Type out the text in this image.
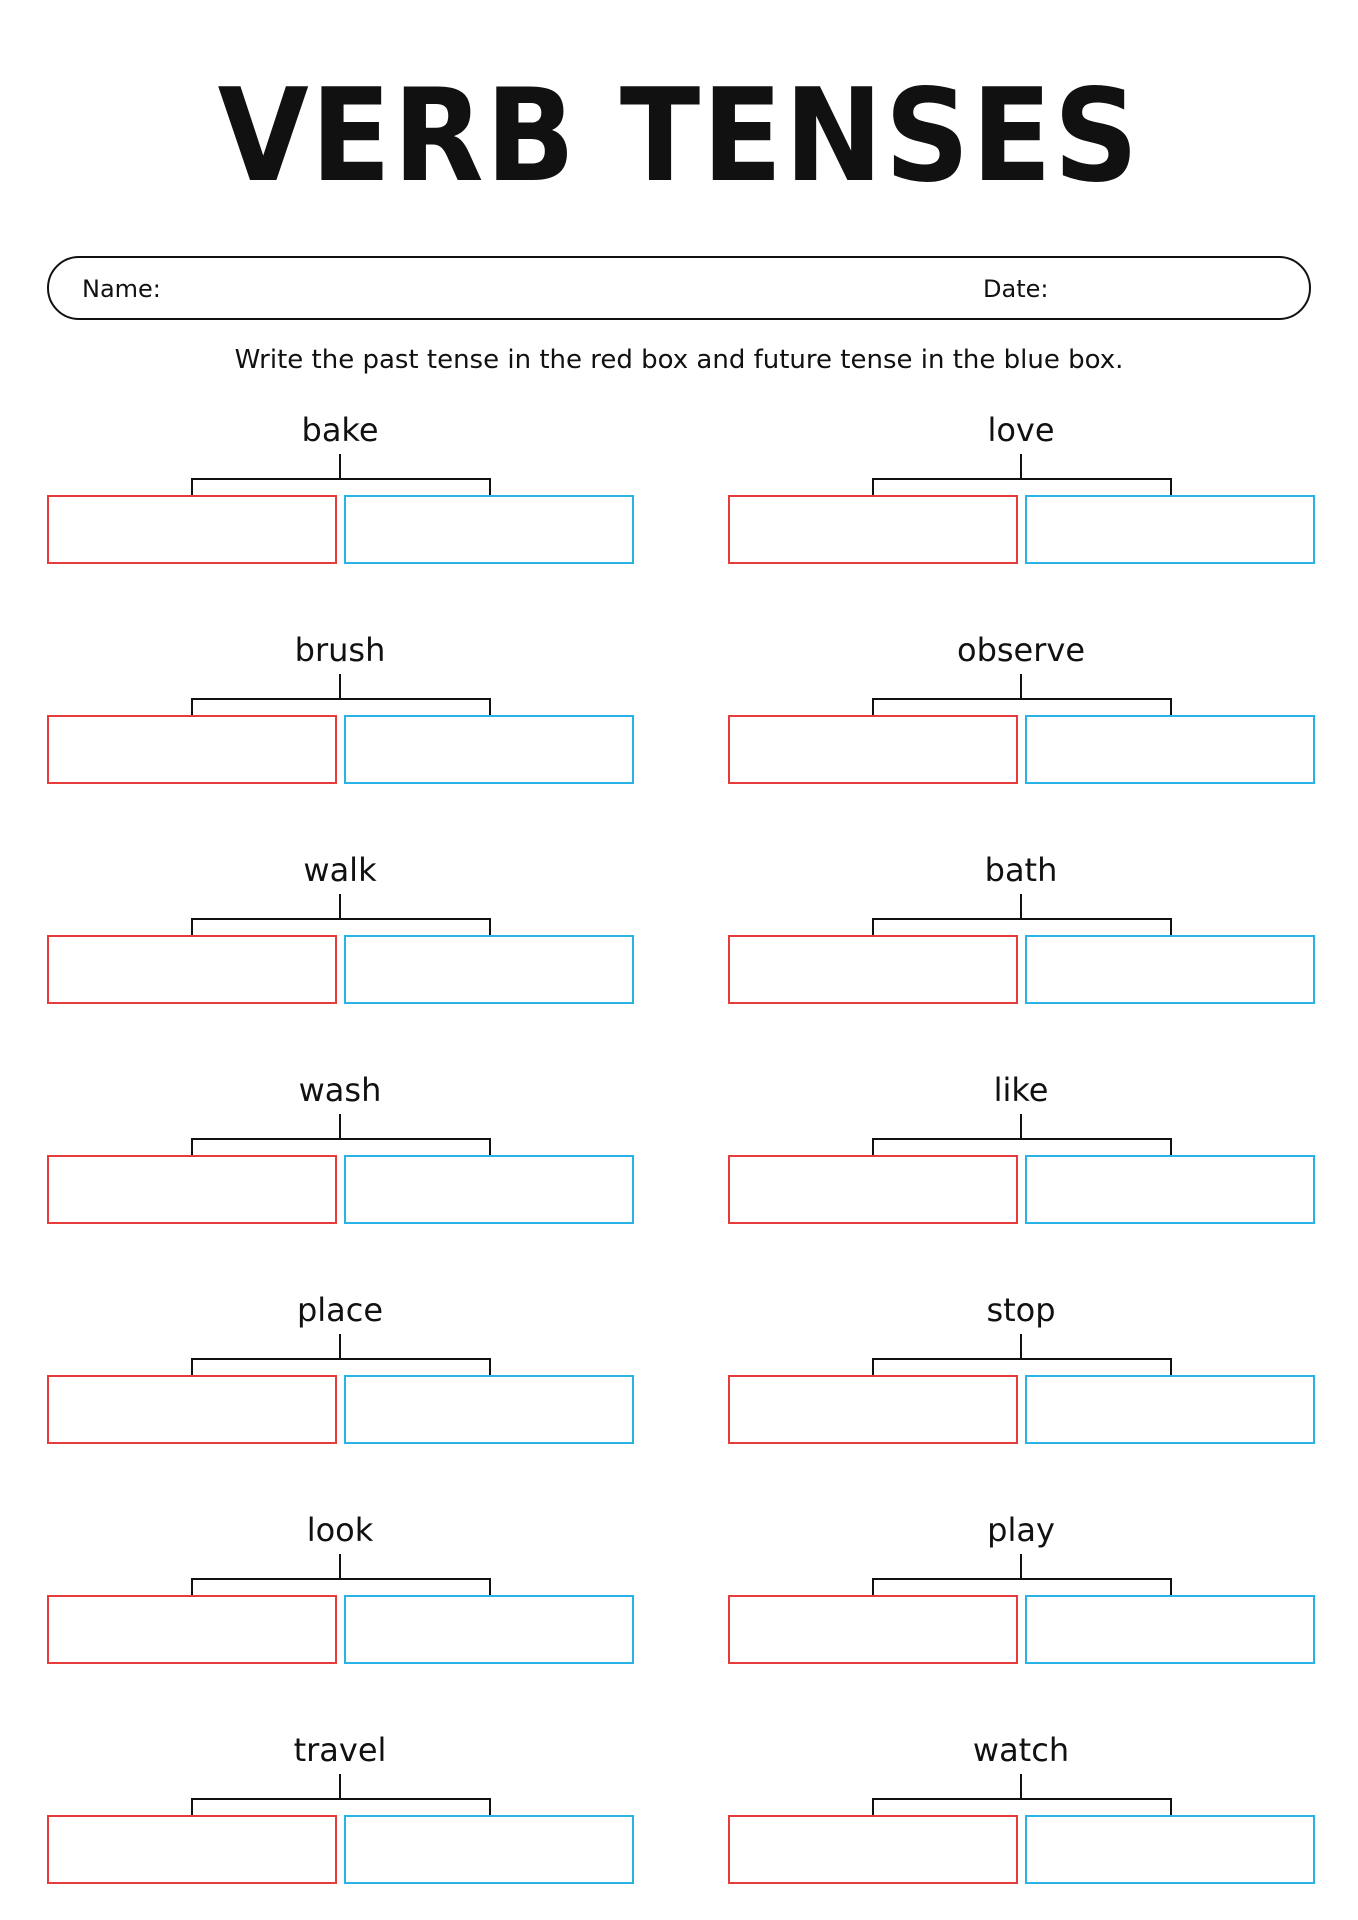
VERB TENSES
Name:	Date:
Write the past tense in the red box and future tense in the blue box.
bake
brush
walk
wash
place
look
travel
love
observe
bath
like
stop
play
watch
